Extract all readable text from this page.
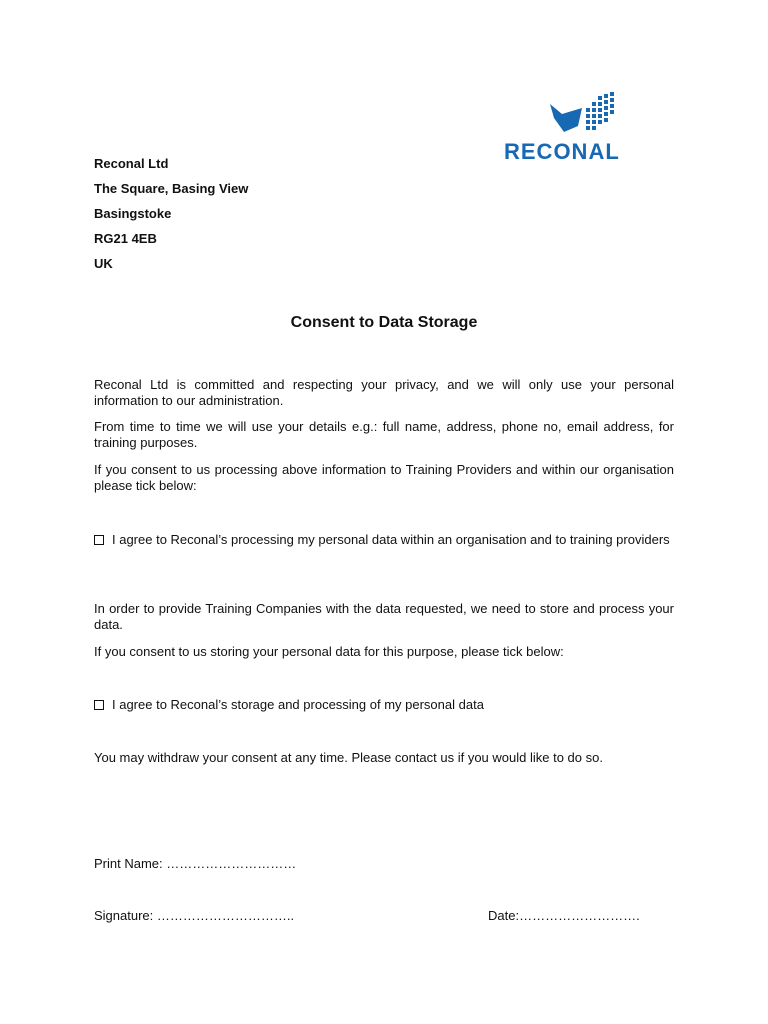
RECONAL
Reconal Ltd
The Square, Basing View
Basingstoke
RG21 4EB
UK
Consent to Data Storage
Reconal Ltd is committed and respecting your privacy, and we will only use your personal information to our administration.
From time to time we will use your details e.g.: full name, address, phone no, email address, for training purposes.
If you consent to us processing above information to Training Providers and within our organisation please tick below:
I agree to Reconal’s processing my personal data within an organisation and to training providers
In order to provide Training Companies with the data requested, we need to store and process your data.
If you consent to us storing your personal data for this purpose, please tick below:
I agree to Reconal’s storage and processing of my personal data
You may withdraw your consent at any time. Please contact us if you would like to do so.
Print Name: …………………………
Signature: …………………………..	Date:……………………….
